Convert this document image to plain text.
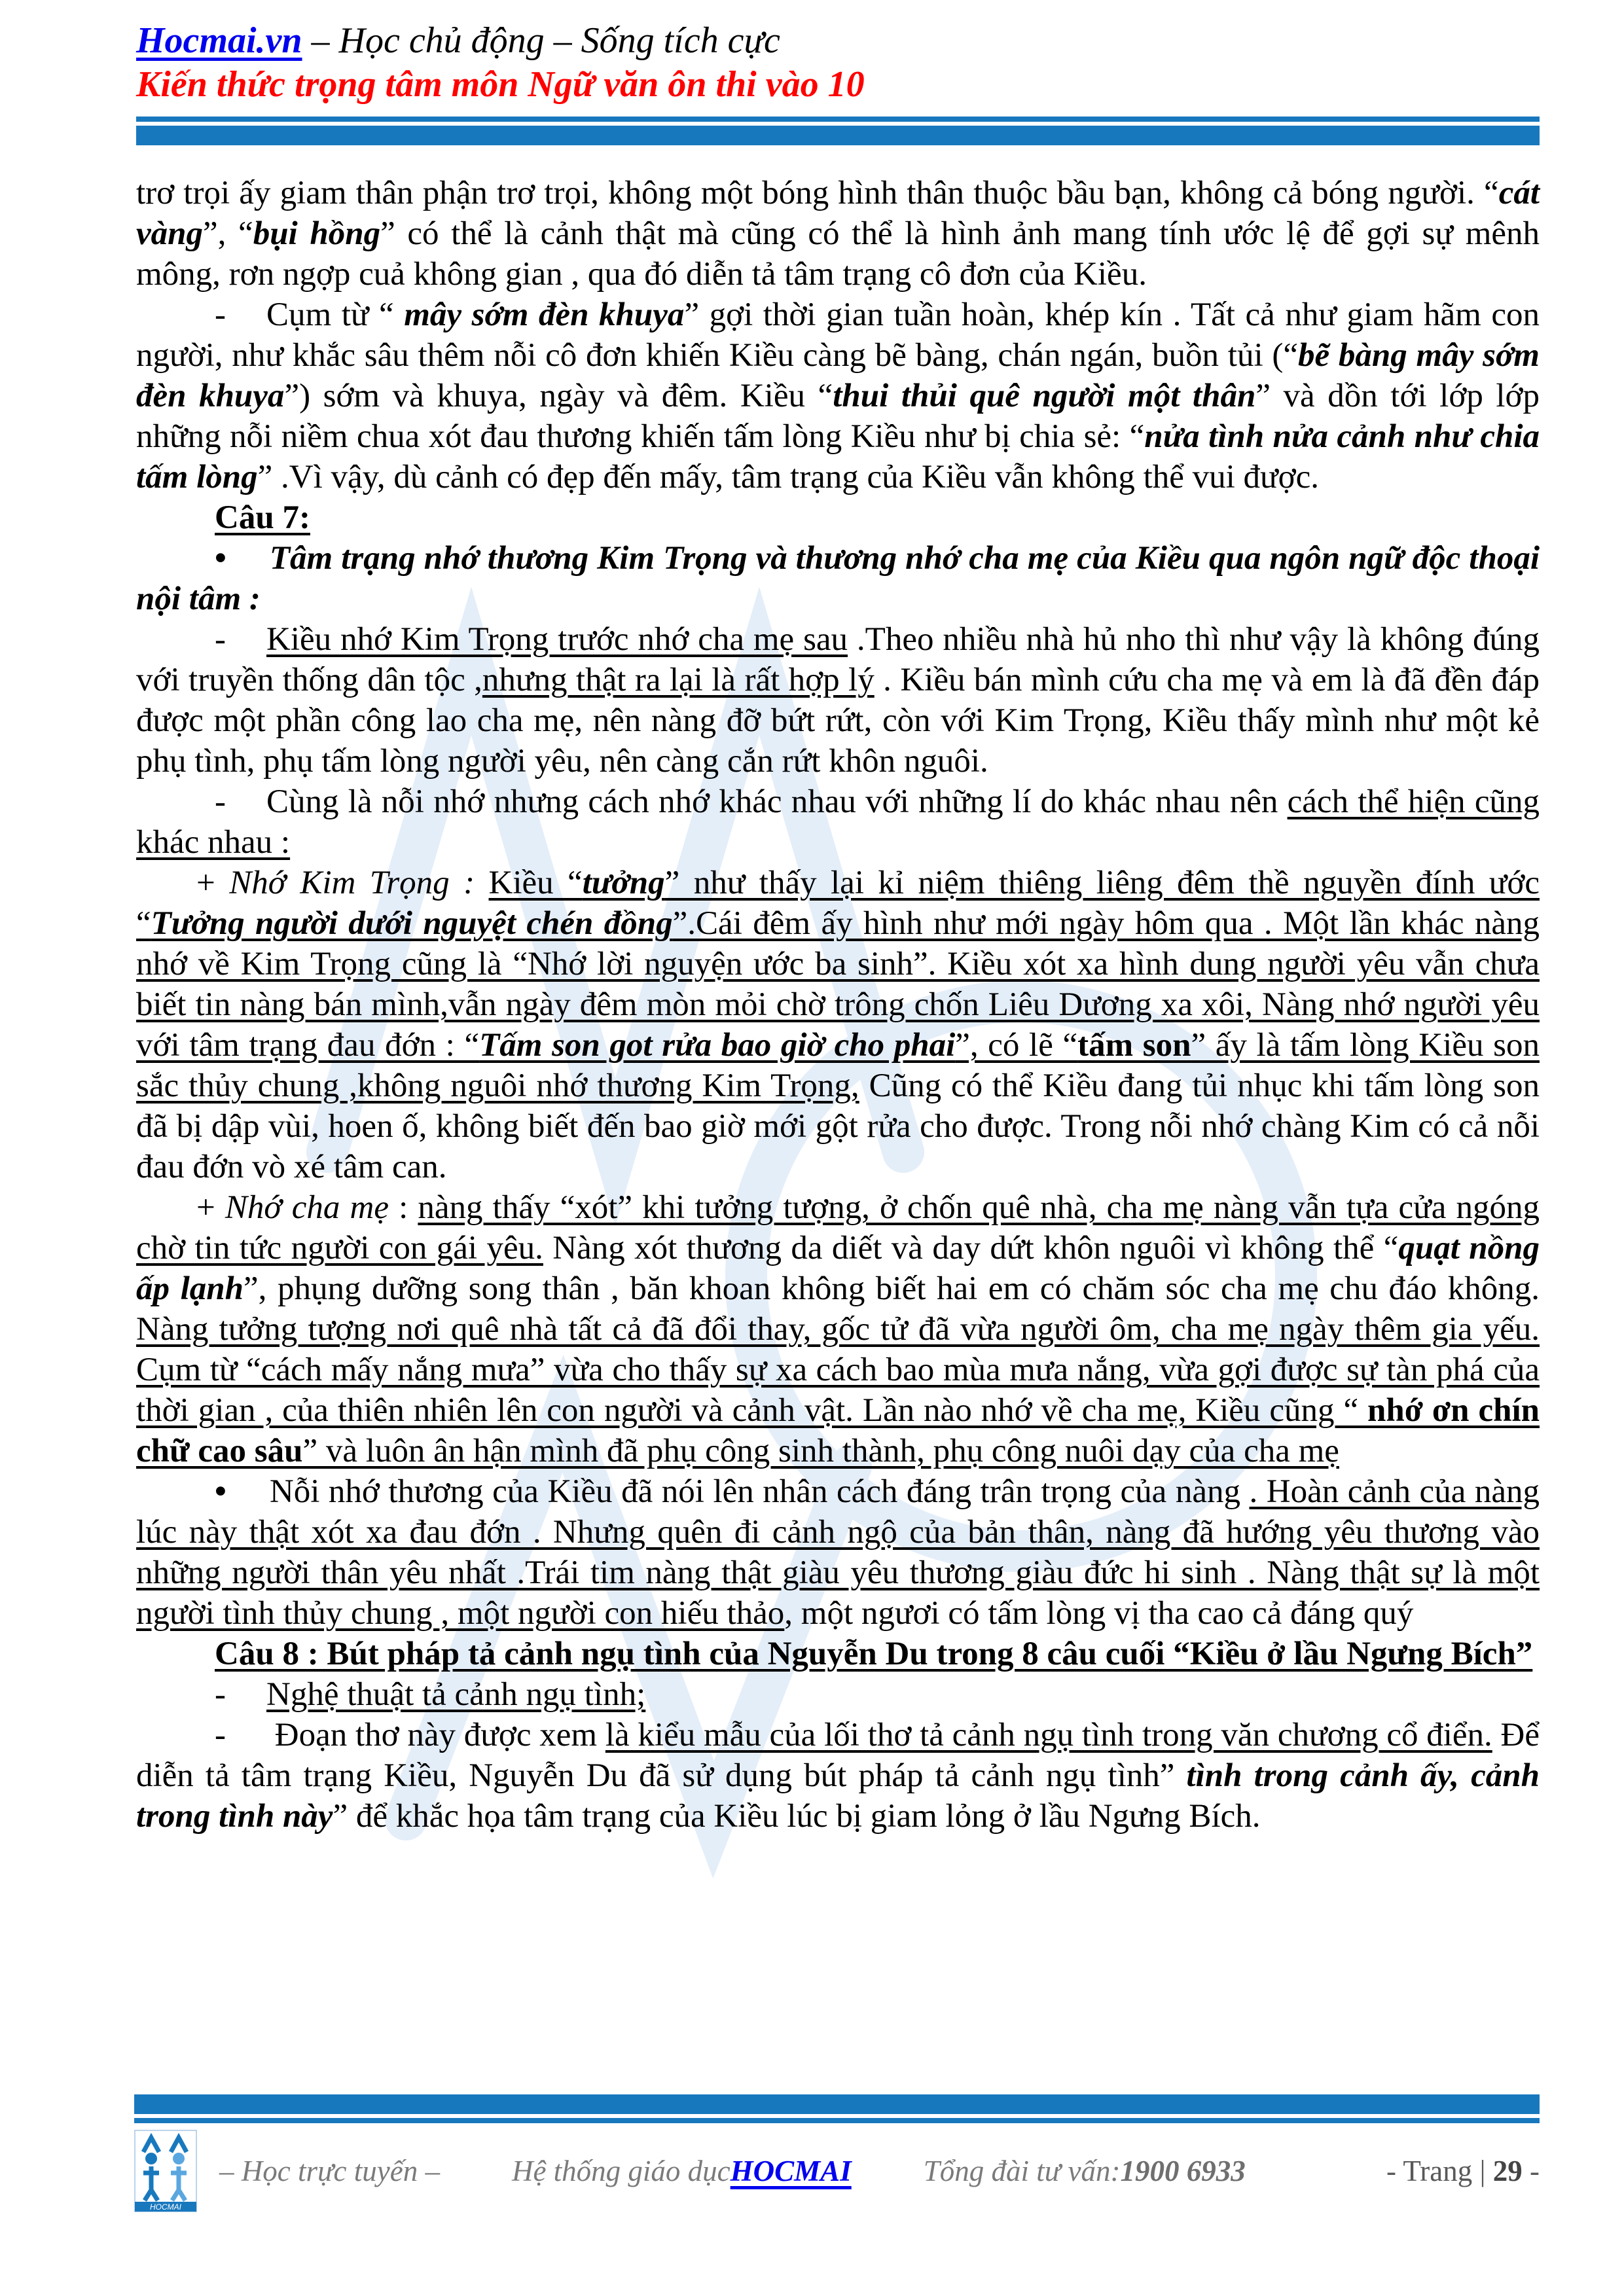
Hocmai.vn – Học chủ động – Sống tích cực
Kiến thức trọng tâm môn Ngữ văn ôn thi vào 10

trơ trọi ấy giam thân phận trơ trọi, không một bóng hình thân thuộc bầu bạn, không cả bóng người. “cát vàng”, “bụi hồng” có thể là cảnh thật mà cũng có thể là hình ảnh mang tính ước lệ để gợi sự mênh mông, rơn ngợp cuả không gian , qua đó diễn tả tâm trạng cô đơn của Kiều.

- Cụm từ “ mây sớm đèn khuya” gợi thời gian tuần hoàn, khép kín . Tất cả như giam hãm con người, như khắc sâu thêm nỗi cô đơn khiến Kiều càng bẽ bàng, chán ngán, buồn tủi (“bẽ bàng mây sớm đèn khuya”) sớm và khuya, ngày và đêm. Kiều “thui thủi quê người một thân” và dồn tới lớp lớp những nỗi niềm chua xót đau thương khiến tấm lòng Kiều như bị chia sẻ: “nửa tình nửa cảnh như chia tấm lòng” .Vì vậy, dù cảnh có đẹp đến mấy, tâm trạng của Kiều vẫn không thể vui được.

Câu 7:

• Tâm trạng nhớ thương Kim Trọng và thương nhớ cha mẹ của Kiều qua ngôn ngữ độc thoại nội tâm :

- Kiều nhớ Kim Trọng trước nhớ cha mẹ sau .Theo nhiều nhà hủ nho thì như vậy là không đúng với truyền thống dân tộc ,nhưng thật ra lại là rất hợp lý . Kiều bán mình cứu cha mẹ và em là đã đền đáp được một phần công lao cha mẹ, nên nàng đỡ bứt rứt, còn với Kim Trọng, Kiều thấy mình như một kẻ phụ tình, phụ tấm lòng người yêu, nên càng cắn rứt khôn nguôi.

- Cùng là nỗi nhớ nhưng cách nhớ khác nhau với những lí do khác nhau nên cách thể hiện cũng khác nhau :

+ Nhớ Kim Trọng : Kiều “tưởng” như thấy lại kỉ niệm thiêng liêng đêm thề nguyền đính ước “Tưởng người dưới nguyệt chén đồng”.Cái đêm ấy hình như mới ngày hôm qua . Một lần khác nàng nhớ về Kim Trọng cũng là “Nhớ lời nguyện ước ba sinh”. Kiều xót xa hình dung người yêu vẫn chưa biết tin nàng bán mình,vẫn ngày đêm mòn mỏi chờ trông chốn Liêu Dương xa xôi, Nàng nhớ người yêu với tâm trạng đau đớn : “Tấm son got rửa bao giờ cho phai”, có lẽ “tấm son” ấy là tấm lòng Kiều son sắc thủy chung ,không nguôi nhớ thương Kim Trọng, Cũng có thể Kiều đang tủi nhục khi tấm lòng son đã bị dập vùi, hoen ố, không biết đến bao giờ mới gột rửa cho được. Trong nỗi nhớ chàng Kim có cả nỗi đau đớn vò xé tâm can.

+ Nhớ cha mẹ : nàng thấy “xót” khi tưởng tượng, ở chốn quê nhà, cha mẹ nàng vẫn tựa cửa ngóng chờ tin tức người con gái yêu. Nàng xót thương da diết và day dứt khôn nguôi vì không thể “quạt nồng ấp lạnh”, phụng dưỡng song thân , băn khoan không biết hai em có chăm sóc cha mẹ chu đáo không. Nàng tưởng tượng nơi quê nhà tất cả đã đổi thay, gốc tử đã vừa người ôm, cha mẹ ngày thêm gia yếu. Cụm từ “cách mấy nắng mưa” vừa cho thấy sự xa cách bao mùa mưa nắng, vừa gợi được sự tàn phá của thời gian , của thiên nhiên lên con người và cảnh vật. Lần nào nhớ về cha mẹ, Kiều cũng “ nhớ ơn chín chữ cao sâu” và luôn ân hận mình đã phụ công sinh thành, phụ công nuôi dạy của cha mẹ

• Nỗi nhớ thương của Kiều đã nói lên nhân cách đáng trân trọng của nàng . Hoàn cảnh của nàng lúc này thật xót xa đau đớn . Nhưng quên đi cảnh ngộ của bản thân, nàng đã hướng yêu thương vào những người thân yêu nhất .Trái tim nàng thật giàu yêu thương giàu đức hi sinh . Nàng thật sự là một người tình thủy chung , một người con hiếu thảo, một ngươi có tấm lòng vị tha cao cả đáng quý

Câu 8 : Bút pháp tả cảnh ngụ tình của Nguyễn Du trong 8 câu cuối “Kiều ở lầu Ngưng Bích”

- Nghệ thuật tả cảnh ngụ tình;

- Đoạn thơ này được xem là kiểu mẫu của lối thơ tả cảnh ngụ tình trong văn chương cổ điển. Để diễn tả tâm trạng Kiều, Nguyễn Du đã sử dụng bút pháp tả cảnh ngụ tình” tình trong cảnh ấy, cảnh trong tình này” để khắc họa tâm trạng của Kiều lúc bị giam lỏng ở lầu Ngưng Bích.

HOCMAI
– Học trực tuyến – Hệ thống giáo dục HOCMAI Tổng đài tư vấn: 1900 6933	- Trang | 29 -
